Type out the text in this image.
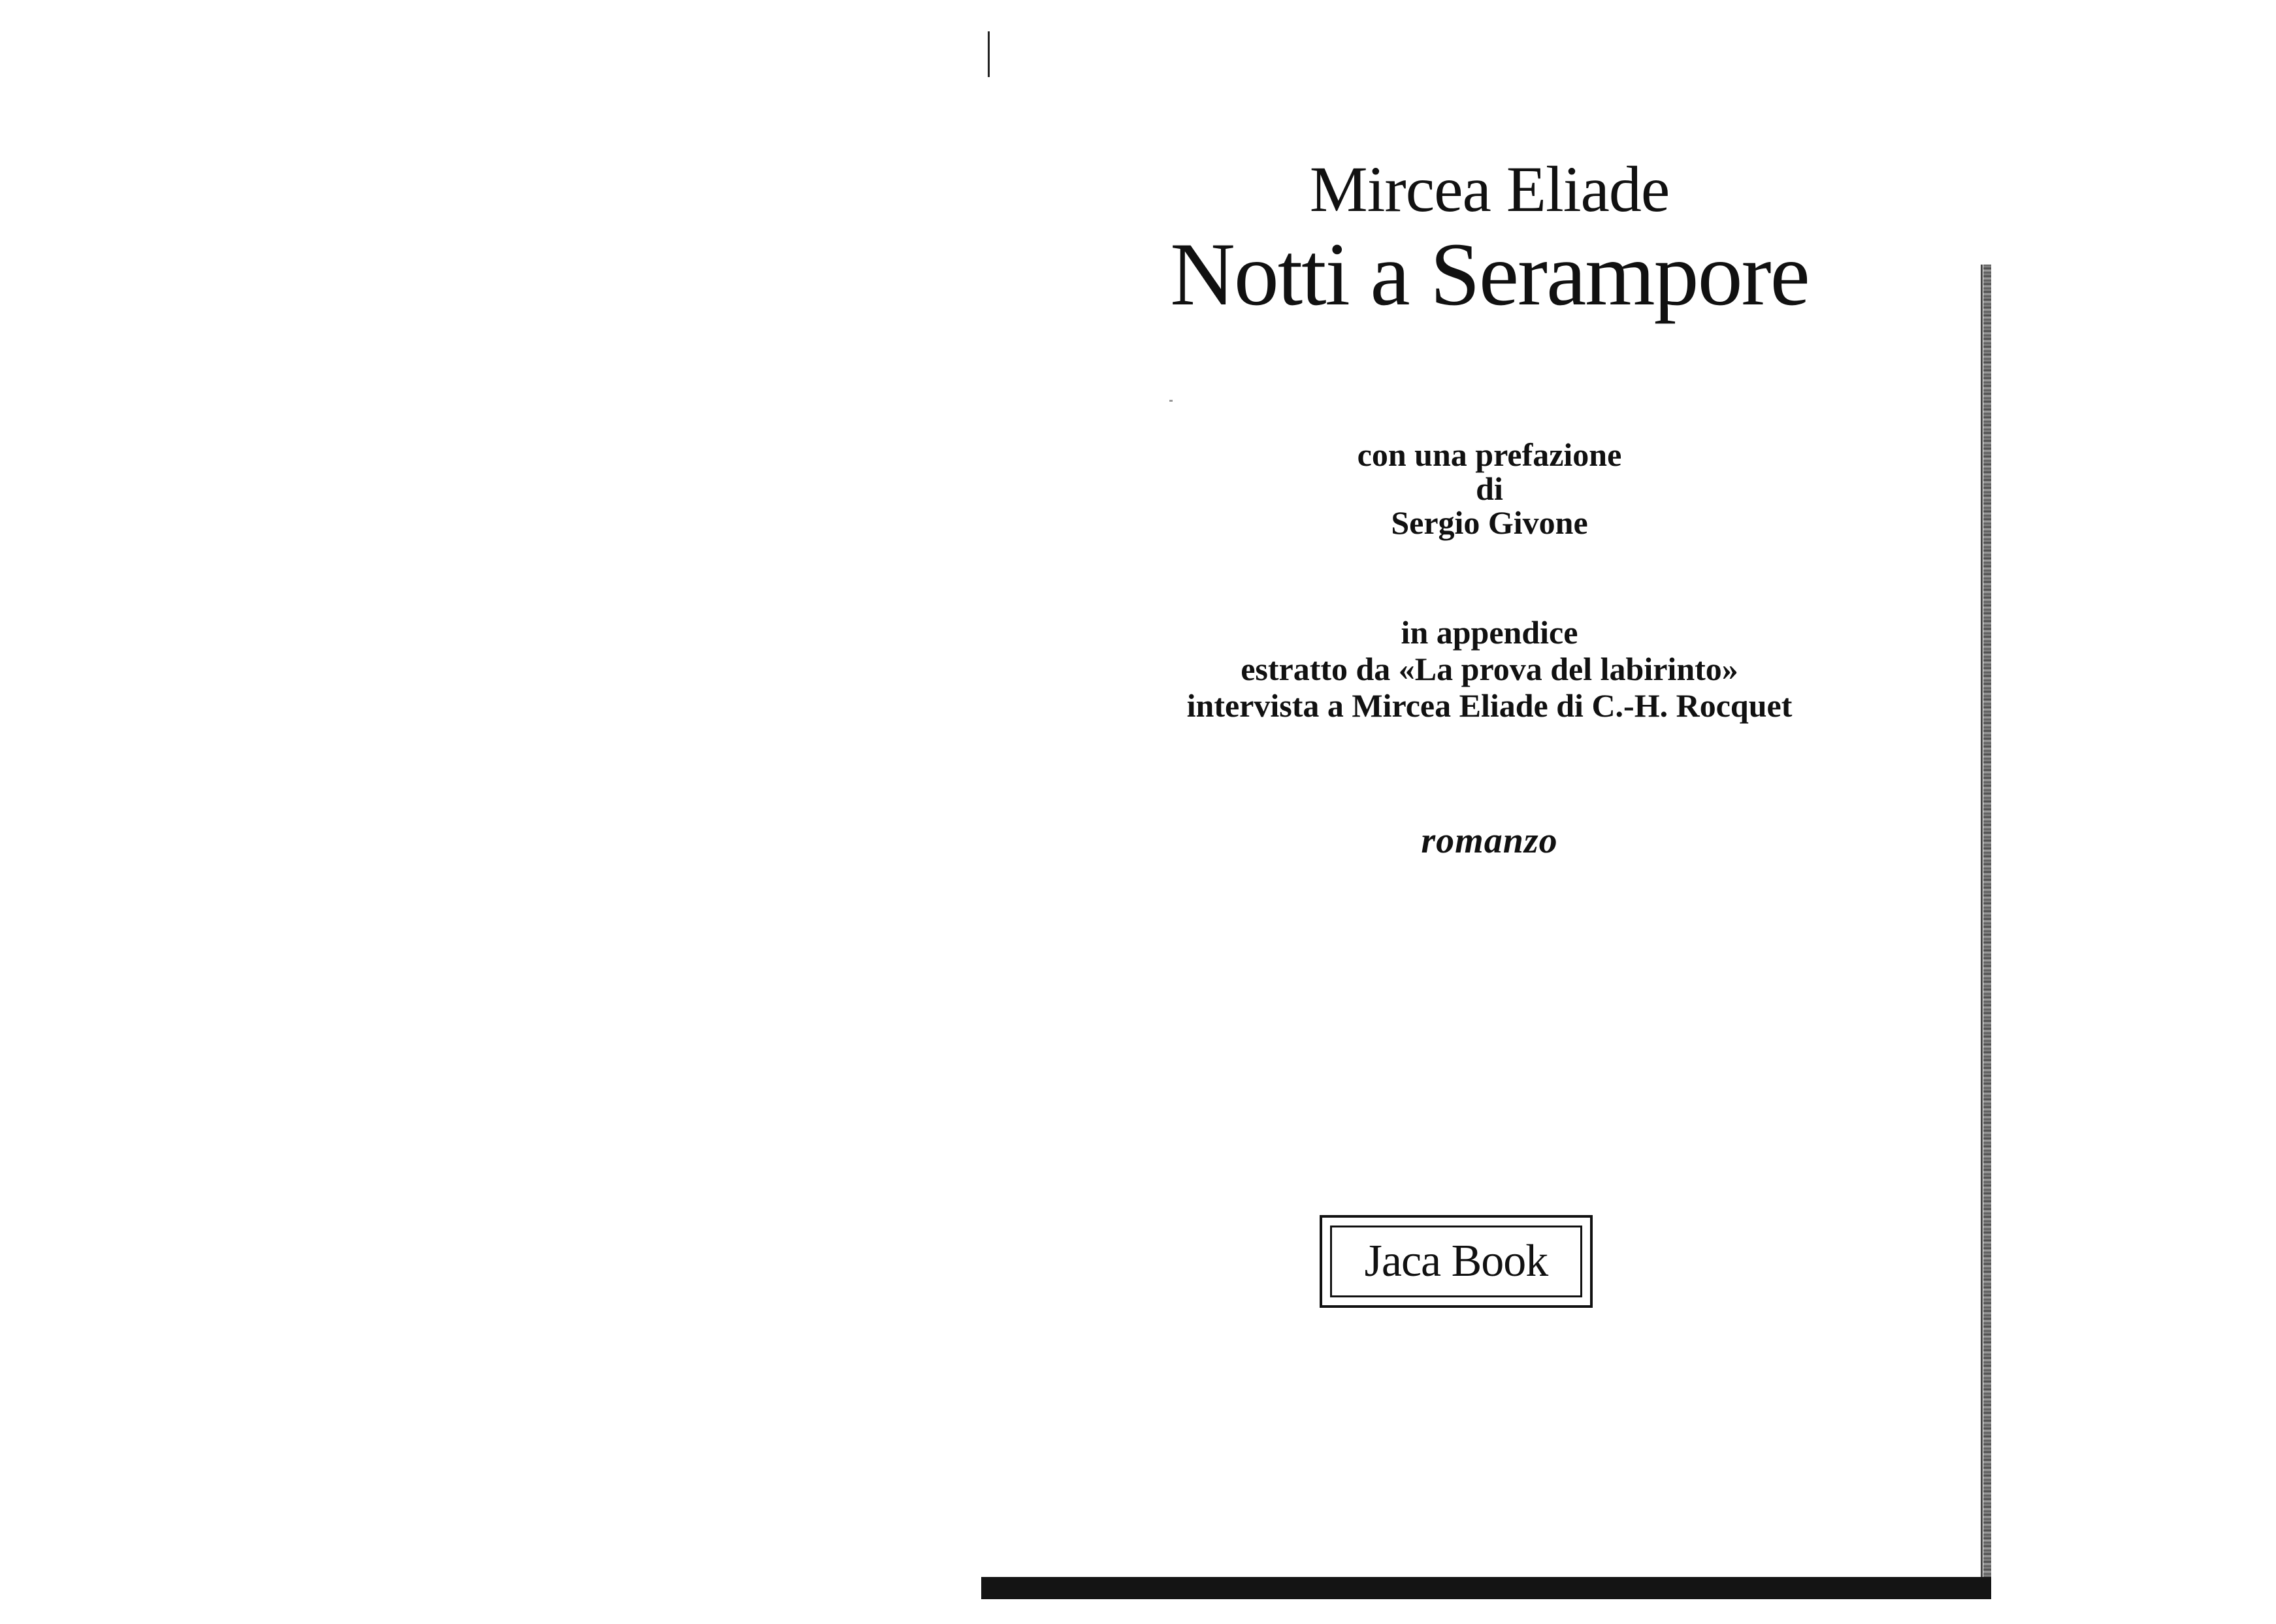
Mircea Eliade
Notti a Serampore
con una prefazione
di
Sergio Givone
in appendice
estratto da «La prova del labirinto»
intervista a Mircea Eliade di C.-H. Rocquet
romanzo
Jaca Book
